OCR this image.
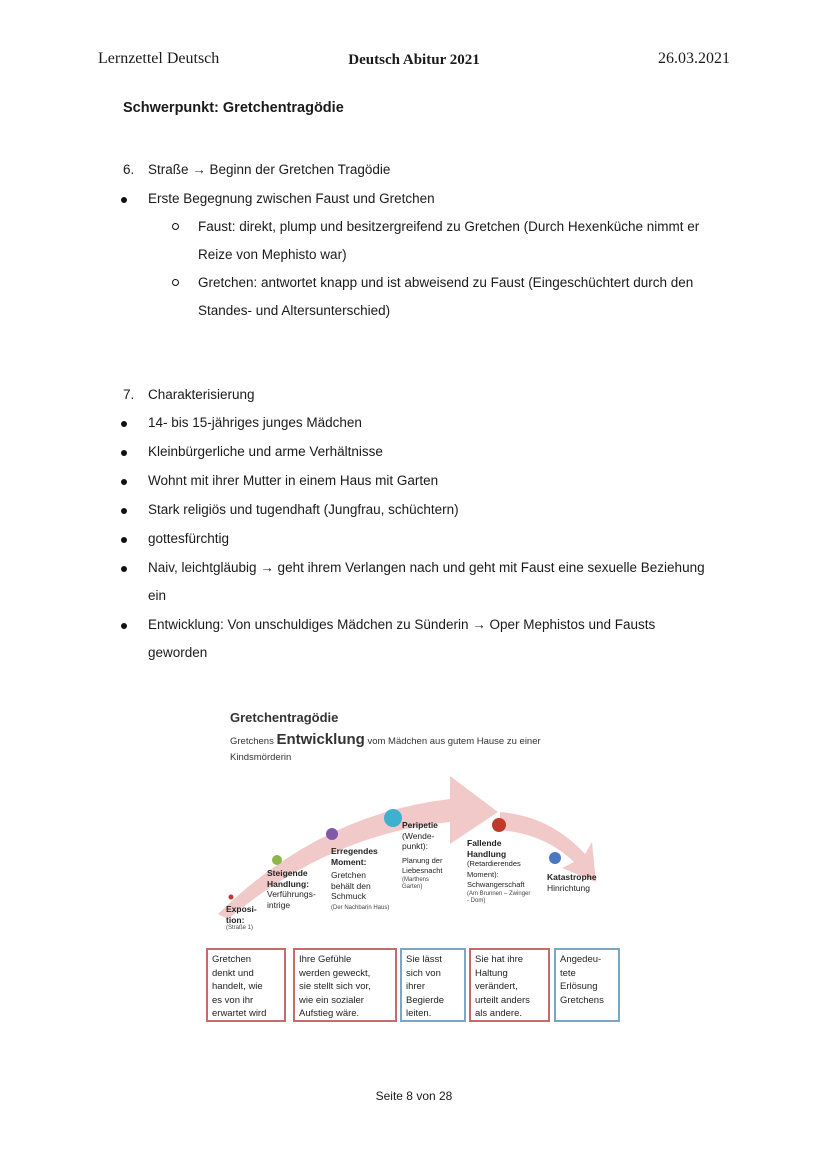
Lernzettel Deutsch	Deutsch Abitur 2021	26.03.2021
Schwerpunkt: Gretchentragödie
6. Straße → Beginn der Gretchen Tragödie
Erste Begegnung zwischen Faust und Gretchen
Faust: direkt, plump und besitzergreifend zu Gretchen (Durch Hexenküche nimmt er
Reize von Mephisto war)
Gretchen: antwortet knapp und ist abweisend zu Faust (Eingeschüchtert durch den
Standes- und Altersunterschied)
7. Charakterisierung
14- bis 15-jähriges junges Mädchen
Kleinbürgerliche und arme Verhältnisse
Wohnt mit ihrer Mutter in einem Haus mit Garten
Stark religiös und tugendhaft (Jungfrau, schüchtern)
gottesfürchtig
Naiv, leichtgläubig → geht ihrem Verlangen nach und geht mit Faust eine sexuelle Beziehung
ein
Entwicklung: Von unschuldiges Mädchen zu Sünderin → Oper Mephistos und Fausts
geworden
Gretchentragödie
Gretchens Entwicklung vom Mädchen aus gutem Hause zu einer
Kindsmörderin
Exposi-
tion:
(Straße 1)
Steigende
Handlung:
Verführungs-
intrige
Erregendes
Moment:
Gretchen
behält den
Schmuck
(Der Nachbarin Haus)
Peripetie
(Wende-
punkt):
Planung der
Liebesnacht
(Marthens
Garten)
Fallende
Handlung
(Retardierendes
Moment):
Schwangerschaft
(Am Brunnen – Zwinger
- Dom)
Katastrophe
Hinrichtung
Gretchen
denkt und
handelt, wie
es von ihr
erwartet wird
Ihre Gefühle
werden geweckt,
sie stellt sich vor,
wie ein sozialer
Aufstieg wäre.
Sie lässt
sich von
ihrer
Begierde
leiten.
Sie hat ihre
Haltung
verändert,
urteilt anders
als andere.
Angedeu-
tete
Erlösung
Gretchens
Seite 8 von 28
